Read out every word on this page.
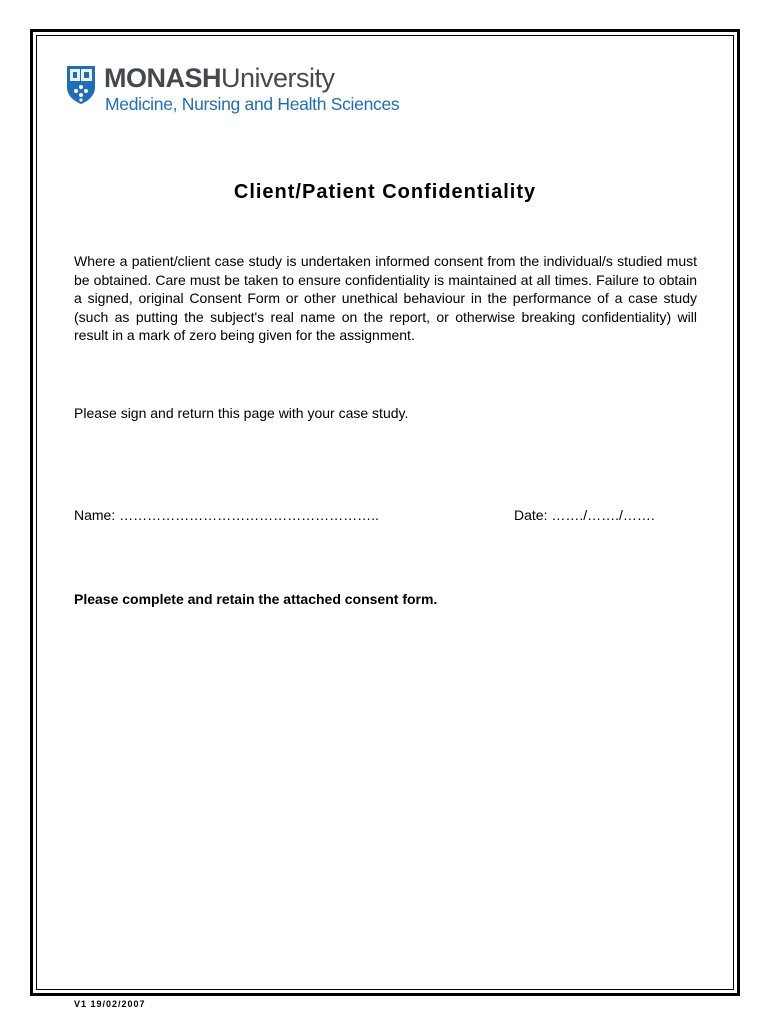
MONASHUniversity
Medicine, Nursing and Health Sciences
Client/Patient Confidentiality

Where a patient/client case study is undertaken informed consent from the individual/s studied must be obtained. Care must be taken to ensure confidentiality is maintained at all times. Failure to obtain a signed, original Consent Form or other unethical behaviour in the performance of a case study (such as putting the subject's real name on the report, or otherwise breaking confidentiality) will result in a mark of zero being given for the assignment.

Please sign and return this page with your case study.

Name: ………………………………………………..	Date: ……./……./…….

Please complete and retain the attached consent form.

V1 19/02/2007
